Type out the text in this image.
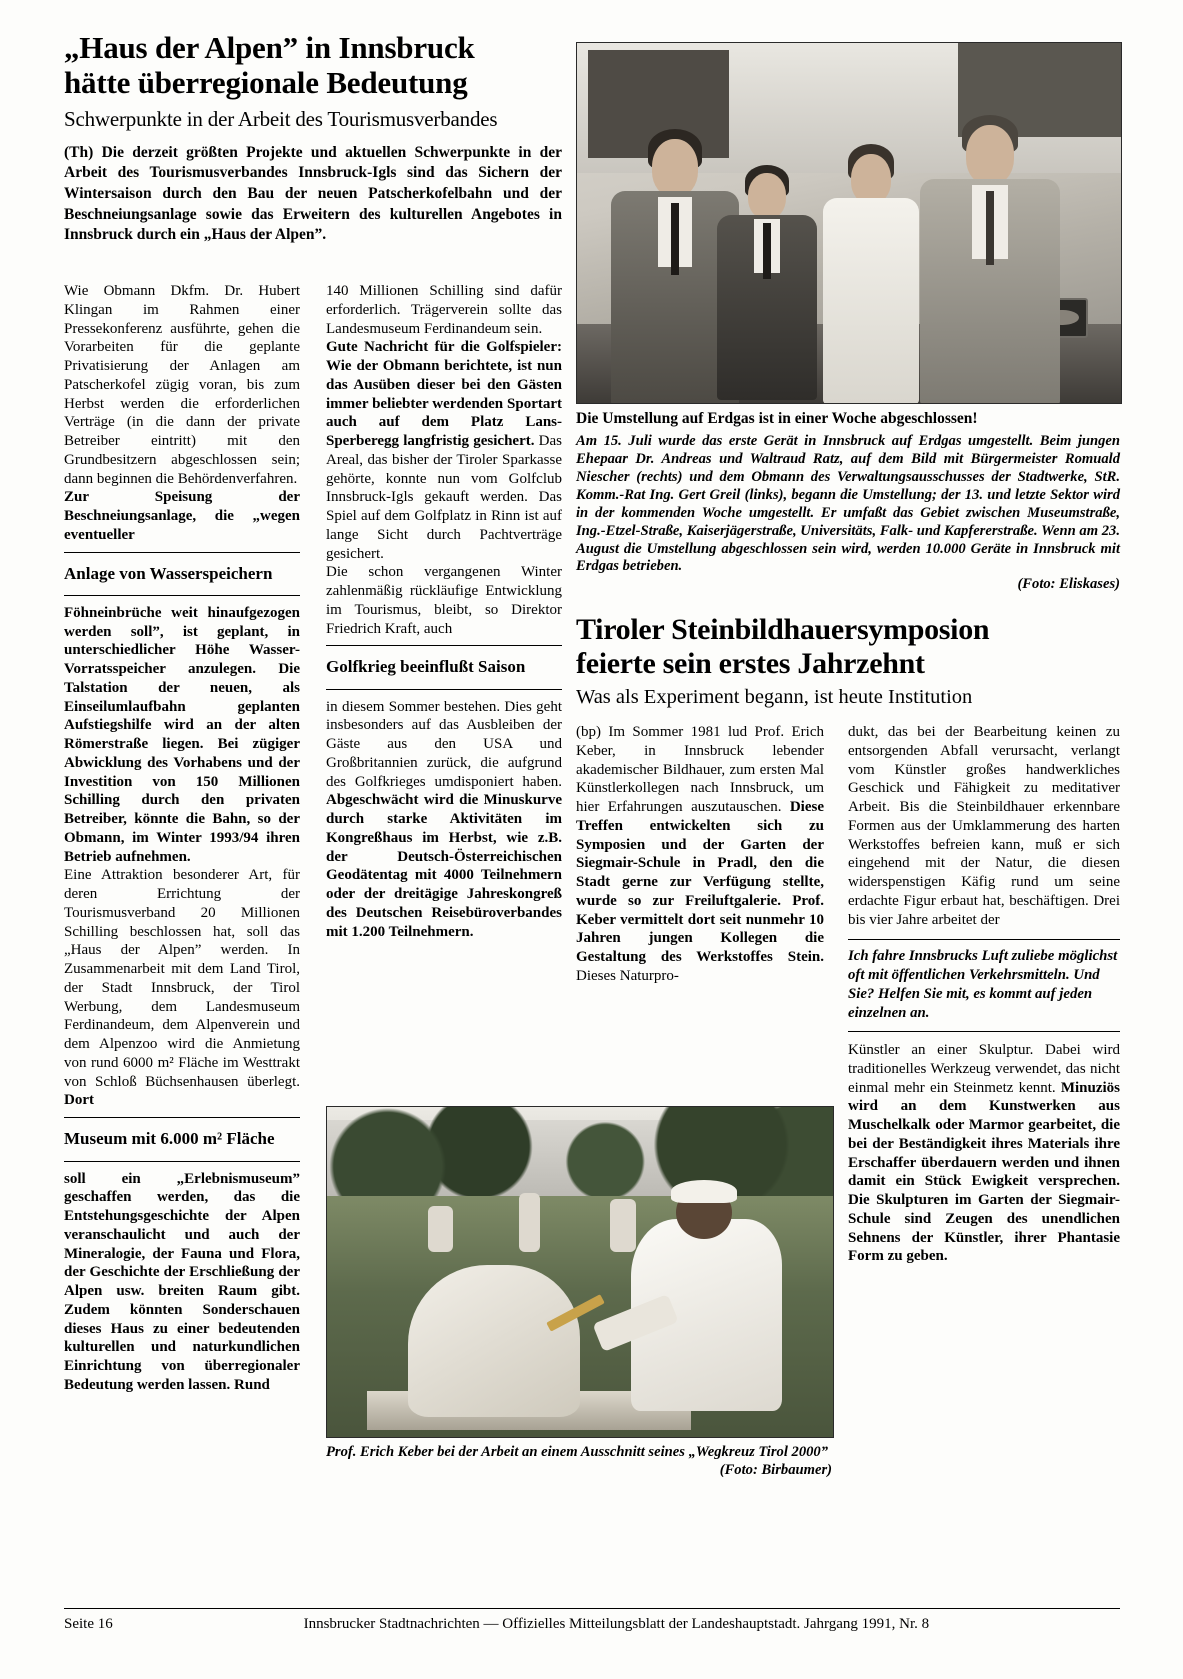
„Haus der Alpen” in Innsbruck
hätte überregionale Bedeutung
Schwerpunkte in der Arbeit des Tourismusverbandes

(Th) Die derzeit größten Projekte und aktuellen Schwerpunkte in der Arbeit des Tourismusverbandes Innsbruck-Igls sind das Sichern der Wintersaison durch den Bau der neuen Patscherkofelbahn und der Beschneiungsanlage sowie das Erweitern des kulturellen Angebotes in Innsbruck durch ein „Haus der Alpen”.

Wie Obmann Dkfm. Dr. Hubert Klingan im Rahmen einer Pressekonferenz ausführte, gehen die Vorarbeiten für die geplante Privatisierung der Anlagen am Patscherkofel zügig voran, bis zum Herbst werden die erforderlichen Verträge (in die dann der private Betreiber eintritt) mit den Grundbesitzern abgeschlossen sein; dann beginnen die Behördenverfahren.

Zur Speisung der Beschneiungsanlage, die „wegen eventueller

Anlage von Wasserspeichern

Föhneinbrüche weit hinaufgezogen werden soll”, ist geplant, in unterschiedlicher Höhe Wasser-Vorratsspeicher anzulegen. Die Talstation der neuen, als Einseilumlaufbahn geplanten Aufstiegshilfe wird an der alten Römerstraße liegen. Bei zügiger Abwicklung des Vorhabens und der Investition von 150 Millionen Schilling durch den privaten Betreiber, könnte die Bahn, so der Obmann, im Winter 1993/94 ihren Betrieb aufnehmen.

Eine Attraktion besonderer Art, für deren Errichtung der Tourismusverband 20 Millionen Schilling beschlossen hat, soll das „Haus der Alpen” werden. In Zusammenarbeit mit dem Land Tirol, der Stadt Innsbruck, der Tirol Werbung, dem Landesmuseum Ferdinandeum, dem Alpenverein und dem Alpenzoo wird die Anmietung von rund 6000 m² Fläche im Westtrakt von Schloß Büchsenhausen überlegt. Dort

Museum mit 6.000 m² Fläche

soll ein „Erlebnismuseum” geschaffen werden, das die Entstehungsgeschichte der Alpen veranschaulicht und auch der Mineralogie, der Fauna und Flora, der Geschichte der Erschließung der Alpen usw. breiten Raum gibt. Zudem könnten Sonderschauen dieses Haus zu einer bedeutenden kulturellen und naturkundlichen Einrichtung von überregionaler Bedeutung werden lassen. Rund

140 Millionen Schilling sind dafür erforderlich. Trägerverein sollte das Landesmuseum Ferdinandeum sein.

Gute Nachricht für die Golfspieler: Wie der Obmann berichtete, ist nun das Ausüben dieser bei den Gästen immer beliebter werdenden Sportart auch auf dem Platz Lans-Sperberegg langfristig gesichert. Das Areal, das bisher der Tiroler Sparkasse gehörte, konnte nun vom Golfclub Innsbruck-Igls gekauft werden. Das Spiel auf dem Golfplatz in Rinn ist auf lange Sicht durch Pachtverträge gesichert.

Die schon vergangenen Winter zahlenmäßig rückläufige Entwicklung im Tourismus, bleibt, so Direktor Friedrich Kraft, auch

Golfkrieg beeinflußt Saison

in diesem Sommer bestehen. Dies geht insbesonders auf das Ausbleiben der Gäste aus den USA und Großbritannien zurück, die aufgrund des Golfkrieges umdisponiert haben. Abgeschwächt wird die Minuskurve durch starke Aktivitäten im Kongreßhaus im Herbst, wie z.B. der Deutsch-Österreichischen Geodätentag mit 4000 Teilnehmern oder der dreitägige Jahreskongreß des Deutschen Reisebüroverbandes mit 1.200 Teilnehmern.

Die Umstellung auf Erdgas ist in einer Woche abgeschlossen!

Am 15. Juli wurde das erste Gerät in Innsbruck auf Erdgas umgestellt. Beim jungen Ehepaar Dr. Andreas und Waltraud Ratz, auf dem Bild mit Bürgermeister Romuald Niescher (rechts) und dem Obmann des Verwaltungsausschusses der Stadtwerke, StR. Komm.-Rat Ing. Gert Greil (links), begann die Umstellung; der 13. und letzte Sektor wird in der kommenden Woche umgestellt. Er umfaßt das Gebiet zwischen Museumstraße, Ing.-Etzel-Straße, Kaiserjägerstraße, Universitäts, Falk- und Kapfererstraße. Wenn am 23. August die Umstellung abgeschlossen sein wird, werden 10.000 Geräte in Innsbruck mit Erdgas betrieben.

(Foto: Eliskases)
Tiroler Steinbildhauersymposion
feierte sein erstes Jahrzehnt
Was als Experiment begann, ist heute Institution

(bp) Im Sommer 1981 lud Prof. Erich Keber, in Innsbruck lebender akademischer Bildhauer, zum ersten Mal Künstlerkollegen nach Innsbruck, um hier Erfahrungen auszutauschen. Diese Treffen entwickelten sich zu Symposien und der Garten der Siegmair-Schule in Pradl, den die Stadt gerne zur Verfügung stellte, wurde so zur Freiluftgalerie. Prof. Keber vermittelt dort seit nunmehr 10 Jahren jungen Kollegen die Gestaltung des Werkstoffes Stein. Dieses Naturpro-

dukt, das bei der Bearbeitung keinen zu entsorgenden Abfall verursacht, verlangt vom Künstler großes handwerkliches Geschick und Fähigkeit zu meditativer Arbeit. Bis die Steinbildhauer erkennbare Formen aus der Umklammerung des harten Werkstoffes befreien kann, muß er sich eingehend mit der Natur, die diesen widerspenstigen Käfig rund um seine erdachte Figur erbaut hat, beschäftigen. Drei bis vier Jahre arbeitet der

Ich fahre Innsbrucks Luft zuliebe möglichst oft mit öffentlichen Verkehrsmitteln. Und Sie? Helfen Sie mit, es kommt auf jeden einzelnen an.

Künstler an einer Skulptur. Dabei wird traditionelles Werkzeug verwendet, das nicht einmal mehr ein Steinmetz kennt. Minuziös wird an dem Kunstwerken aus Muschelkalk oder Marmor gearbeitet, die bei der Beständigkeit ihres Materials ihre Erschaffer überdauern werden und ihnen damit ein Stück Ewigkeit versprechen. Die Skulpturen im Garten der Siegmair-Schule sind Zeugen des unendlichen Sehnens der Künstler, ihrer Phantasie Form zu geben.

Prof. Erich Keber bei der Arbeit an einem Ausschnitt seines „Wegkreuz Tirol 2000”
(Foto: Birbaumer)

Seite 16	Innsbrucker Stadtnachrichten — Offizielles Mitteilungsblatt der Landeshauptstadt. Jahrgang 1991, Nr. 8
